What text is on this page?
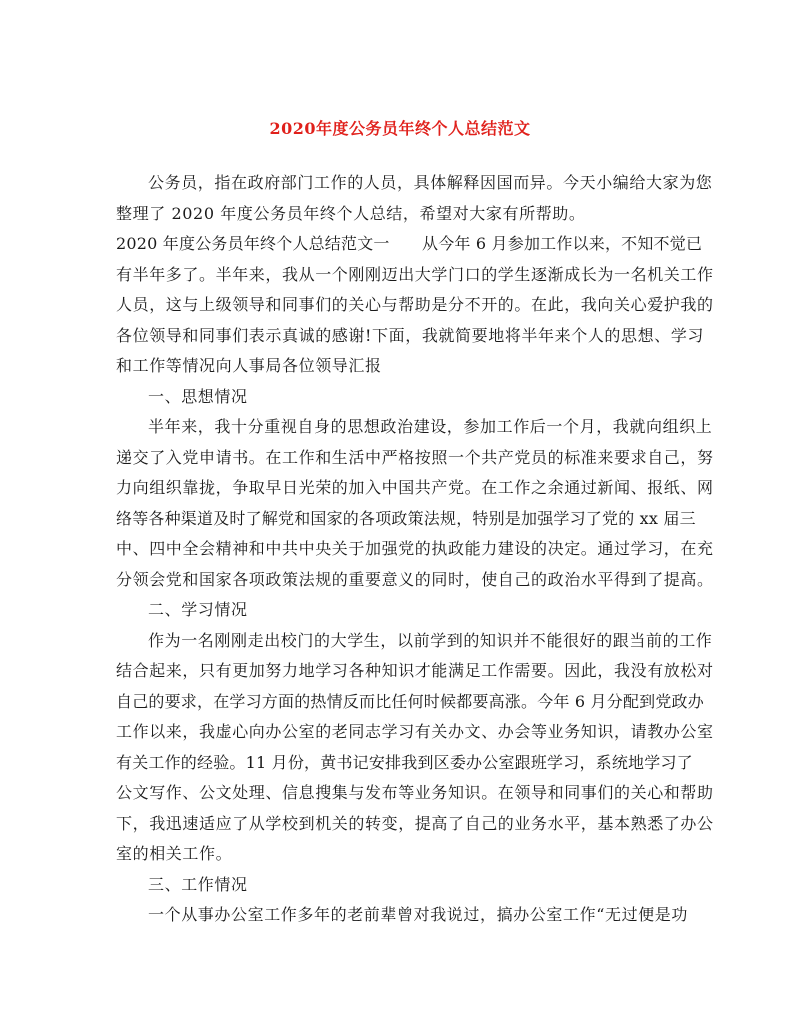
2020年度公务员年终个人总结范文
公务员，指在政府部门工作的人员，具体解释因国而异。今天小编给大家为您
整理了 2020 年度公务员年终个人总结，希望对大家有所帮助。
2020 年度公务员年终个人总结范文一　　从今年 6 月参加工作以来，不知不觉已
有半年多了。半年来，我从一个刚刚迈出大学门口的学生逐渐成长为一名机关工作
人员，这与上级领导和同事们的关心与帮助是分不开的。在此，我向关心爱护我的
各位领导和同事们表示真诚的感谢!下面，我就简要地将半年来个人的思想、学习
和工作等情况向人事局各位领导汇报
一、思想情况
半年来，我十分重视自身的思想政治建设，参加工作后一个月，我就向组织上
递交了入党申请书。在工作和生活中严格按照一个共产党员的标准来要求自己，努
力向组织靠拢，争取早日光荣的加入中国共产党。在工作之余通过新闻、报纸、网
络等各种渠道及时了解党和国家的各项政策法规，特别是加强学习了党的 xx 届三
中、四中全会精神和中共中央关于加强党的执政能力建设的决定。通过学习，在充
分领会党和国家各项政策法规的重要意义的同时，使自己的政治水平得到了提高。
二、学习情况
作为一名刚刚走出校门的大学生，以前学到的知识并不能很好的跟当前的工作
结合起来，只有更加努力地学习各种知识才能满足工作需要。因此，我没有放松对
自己的要求，在学习方面的热情反而比任何时候都要高涨。今年 6 月分配到党政办
工作以来，我虚心向办公室的老同志学习有关办文、办会等业务知识，请教办公室
有关工作的经验。11 月份，黄书记安排我到区委办公室跟班学习，系统地学习了
公文写作、公文处理、信息搜集与发布等业务知识。在领导和同事们的关心和帮助
下，我迅速适应了从学校到机关的转变，提高了自己的业务水平，基本熟悉了办公
室的相关工作。
三、工作情况
一个从事办公室工作多年的老前辈曾对我说过，搞办公室工作“无过便是功
